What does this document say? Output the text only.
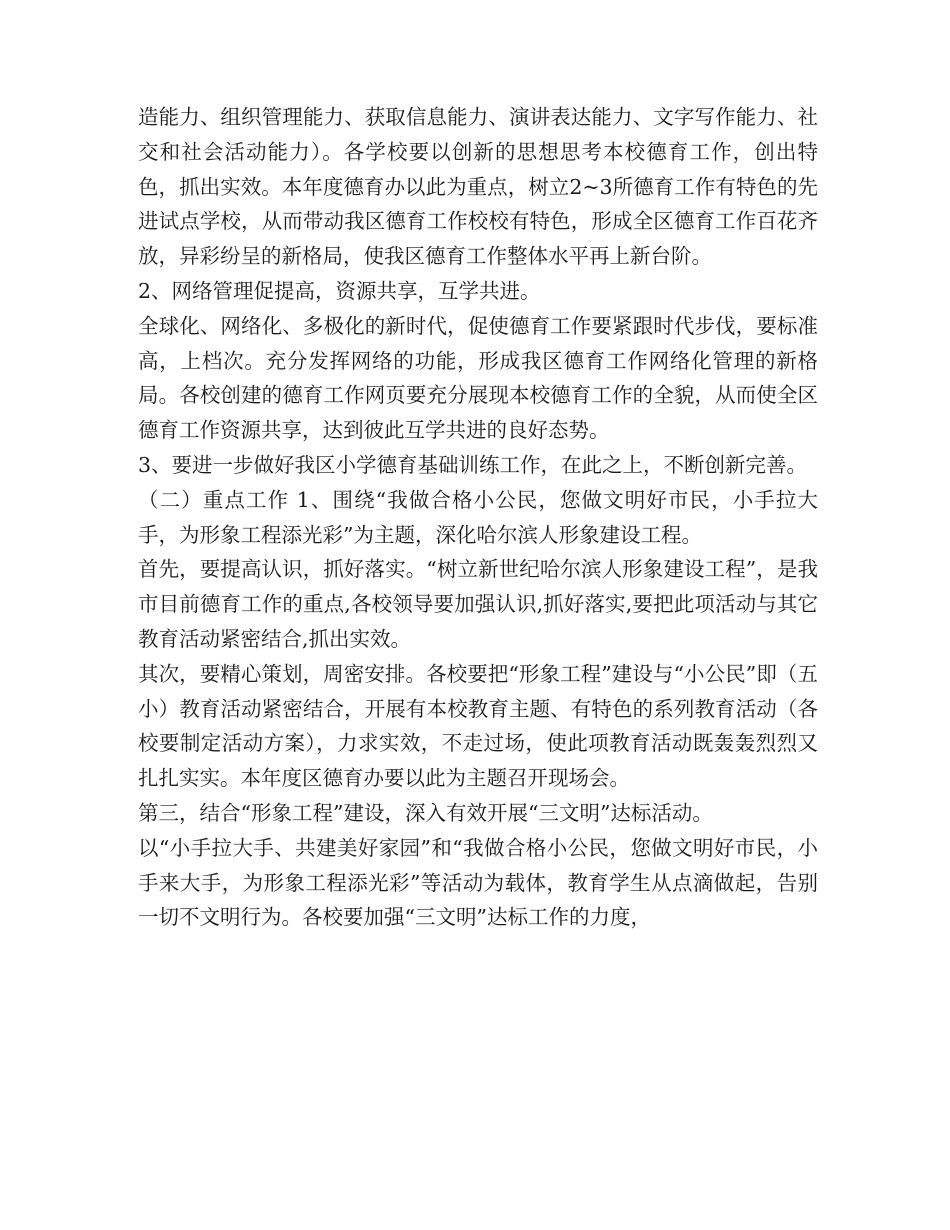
造能力、组织管理能力、获取信息能力、演讲表达能力、文字写作能力、社交和社会活动能力）。各学校要以创新的思想思考本校德育工作，创出特色，抓出实效。本年度德育办以此为重点，树立2~3所德育工作有特色的先进试点学校，从而带动我区德育工作校校有特色，形成全区德育工作百花齐放，异彩纷呈的新格局，使我区德育工作整体水平再上新台阶。

2、网络管理促提高，资源共享，互学共进。

全球化、网络化、多极化的新时代，促使德育工作要紧跟时代步伐，要标准高，上档次。充分发挥网络的功能，形成我区德育工作网络化管理的新格局。各校创建的德育工作网页要充分展现本校德育工作的全貌，从而使全区德育工作资源共享，达到彼此互学共进的良好态势。

3、要进一步做好我区小学德育基础训练工作，在此之上，不断创新完善。

（二）重点工作 1、围绕“我做合格小公民，您做文明好市民，小手拉大手，为形象工程添光彩”为主题，深化哈尔滨人形象建设工程。

首先，要提高认识，抓好落实。“树立新世纪哈尔滨人形象建设工程”，是我市目前德育工作的重点,各校领导要加强认识,抓好落实,要把此项活动与其它教育活动紧密结合,抓出实效。

其次，要精心策划，周密安排。各校要把“形象工程”建设与“小公民”即（五小）教育活动紧密结合，开展有本校教育主题、有特色的系列教育活动（各校要制定活动方案），力求实效，不走过场，使此项教育活动既轰轰烈烈又扎扎实实。本年度区德育办要以此为主题召开现场会。

第三，结合“形象工程”建设，深入有效开展“三文明”达标活动。

以“小手拉大手、共建美好家园”和“我做合格小公民，您做文明好市民，小手来大手，为形象工程添光彩”等活动为载体，教育学生从点滴做起，告别一切不文明行为。各校要加强“三文明”达标工作的力度，
